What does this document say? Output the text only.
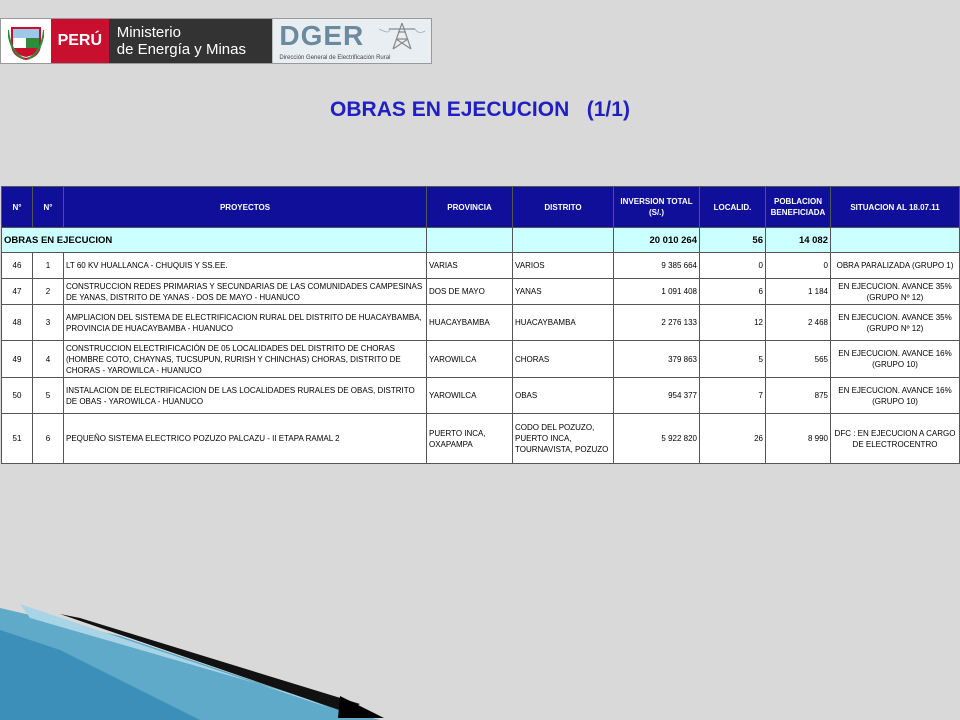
PERÚ Ministerio
de Energía y Minas	DGER
Dirección General de Electrificación Rural
OBRAS EN EJECUCION   (1/1)
N°	N°	PROYECTOS	PROVINCIA	DISTRITO	INVERSION TOTAL (S/.)	LOCALID.	POBLACION BENEFICIADA	SITUACION AL 18.07.11
OBRAS EN EJECUCION					20 010 264	56	14 082	
46	1	LT 60 KV HUALLANCA - CHUQUIS Y SS.EE.	VARIAS	VARIOS	9 385 664	0	0	OBRA PARALIZADA (GRUPO 1)
47	2	CONSTRUCCION REDES PRIMARIAS Y SECUNDARIAS DE LAS COMUNIDADES CAMPESINAS DE YANAS, DISTRITO DE YANAS - DOS DE MAYO - HUANUCO	DOS DE MAYO	YANAS	1 091 408	6	1 184	EN EJECUCION. AVANCE 35% (GRUPO Nº 12)
48	3	AMPLIACION DEL SISTEMA DE ELECTRIFICACION RURAL DEL DISTRITO DE HUACAYBAMBA, PROVINCIA DE HUACAYBAMBA - HUANUCO	HUACAYBAMBA	HUACAYBAMBA	2 276 133	12	2 468	EN EJECUCION. AVANCE 35% (GRUPO Nº 12)
49	4	CONSTRUCCION ELECTRIFICACIÓN DE 05 LOCALIDADES DEL DISTRITO DE CHORAS (HOMBRE COTO, CHAYNAS, TUCSUPUN, RURISH Y CHINCHAS) CHORAS, DISTRITO DE CHORAS - YAROWILCA - HUANUCO	YAROWILCA	CHORAS	379 863	5	565	EN EJECUCION. AVANCE 16% (GRUPO 10)
50	5	INSTALACION DE ELECTRIFICACION DE LAS LOCALIDADES RURALES DE OBAS, DISTRITO DE OBAS - YAROWILCA - HUANUCO	YAROWILCA	OBAS	954 377	7	875	EN EJECUCION. AVANCE 16% (GRUPO 10)
51	6	PEQUEÑO SISTEMA ELECTRICO POZUZO PALCAZU - II ETAPA RAMAL 2	PUERTO INCA, OXAPAMPA	CODO DEL POZUZO, PUERTO INCA, TOURNAVISTA, POZUZO	5 922 820	26	8 990	DFC : EN EJECUCION A CARGO DE ELECTROCENTRO
